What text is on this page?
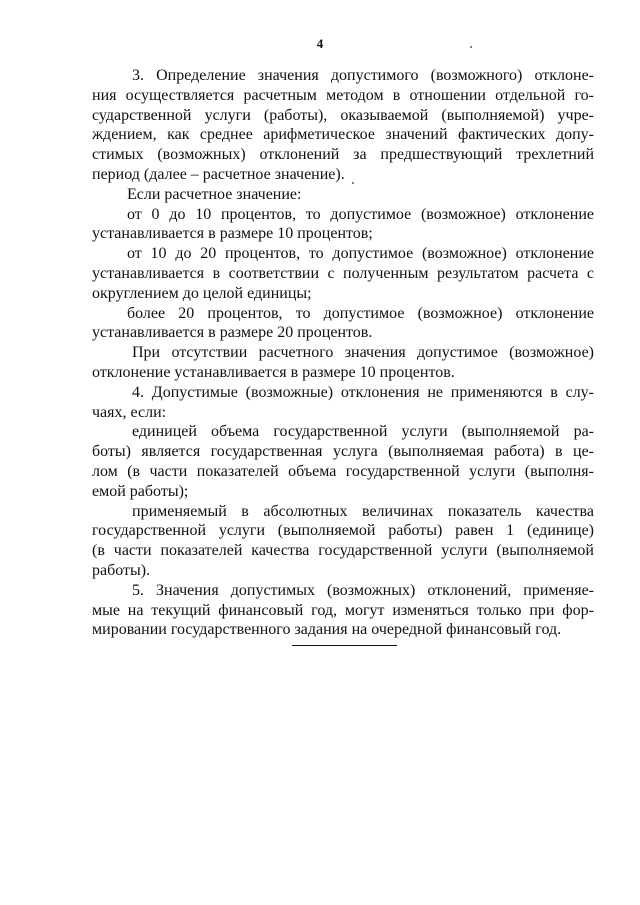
4
3. Определение значения допустимого (возможного) отклоне-
ния осуществляется расчетным методом в отношении отдельной го-
сударственной услуги (работы), оказываемой (выполняемой) учре-
ждением, как среднее арифметическое значений фактических допу-
стимых (возможных) отклонений за предшествующий трехлетний
период (далее – расчетное значение).
Если расчетное значение:
от 0 до 10 процентов, то допустимое (возможное) отклонение
устанавливается в размере 10 процентов;
от 10 до 20 процентов, то допустимое (возможное) отклонение
устанавливается в соответствии с полученным результатом расчета с
округлением до целой единицы;
более 20 процентов, то допустимое (возможное) отклонение
устанавливается в размере 20 процентов.
При отсутствии расчетного значения допустимое (возможное)
отклонение устанавливается в размере 10 процентов.
4. Допустимые (возможные) отклонения не применяются в слу-
чаях, если:
единицей объема государственной услуги (выполняемой ра-
боты) является государственная услуга (выполняемая работа) в це-
лом (в части показателей объема государственной услуги (выполня-
емой работы);
применяемый в абсолютных величинах показатель качества
государственной услуги (выполняемой работы) равен 1 (единице)
(в части показателей качества государственной услуги (выполняемой
работы).
5. Значения допустимых (возможных) отклонений, применяе-
мые на текущий финансовый год, могут изменяться только при фор-
мировании государственного задания на очередной финансовый год.
